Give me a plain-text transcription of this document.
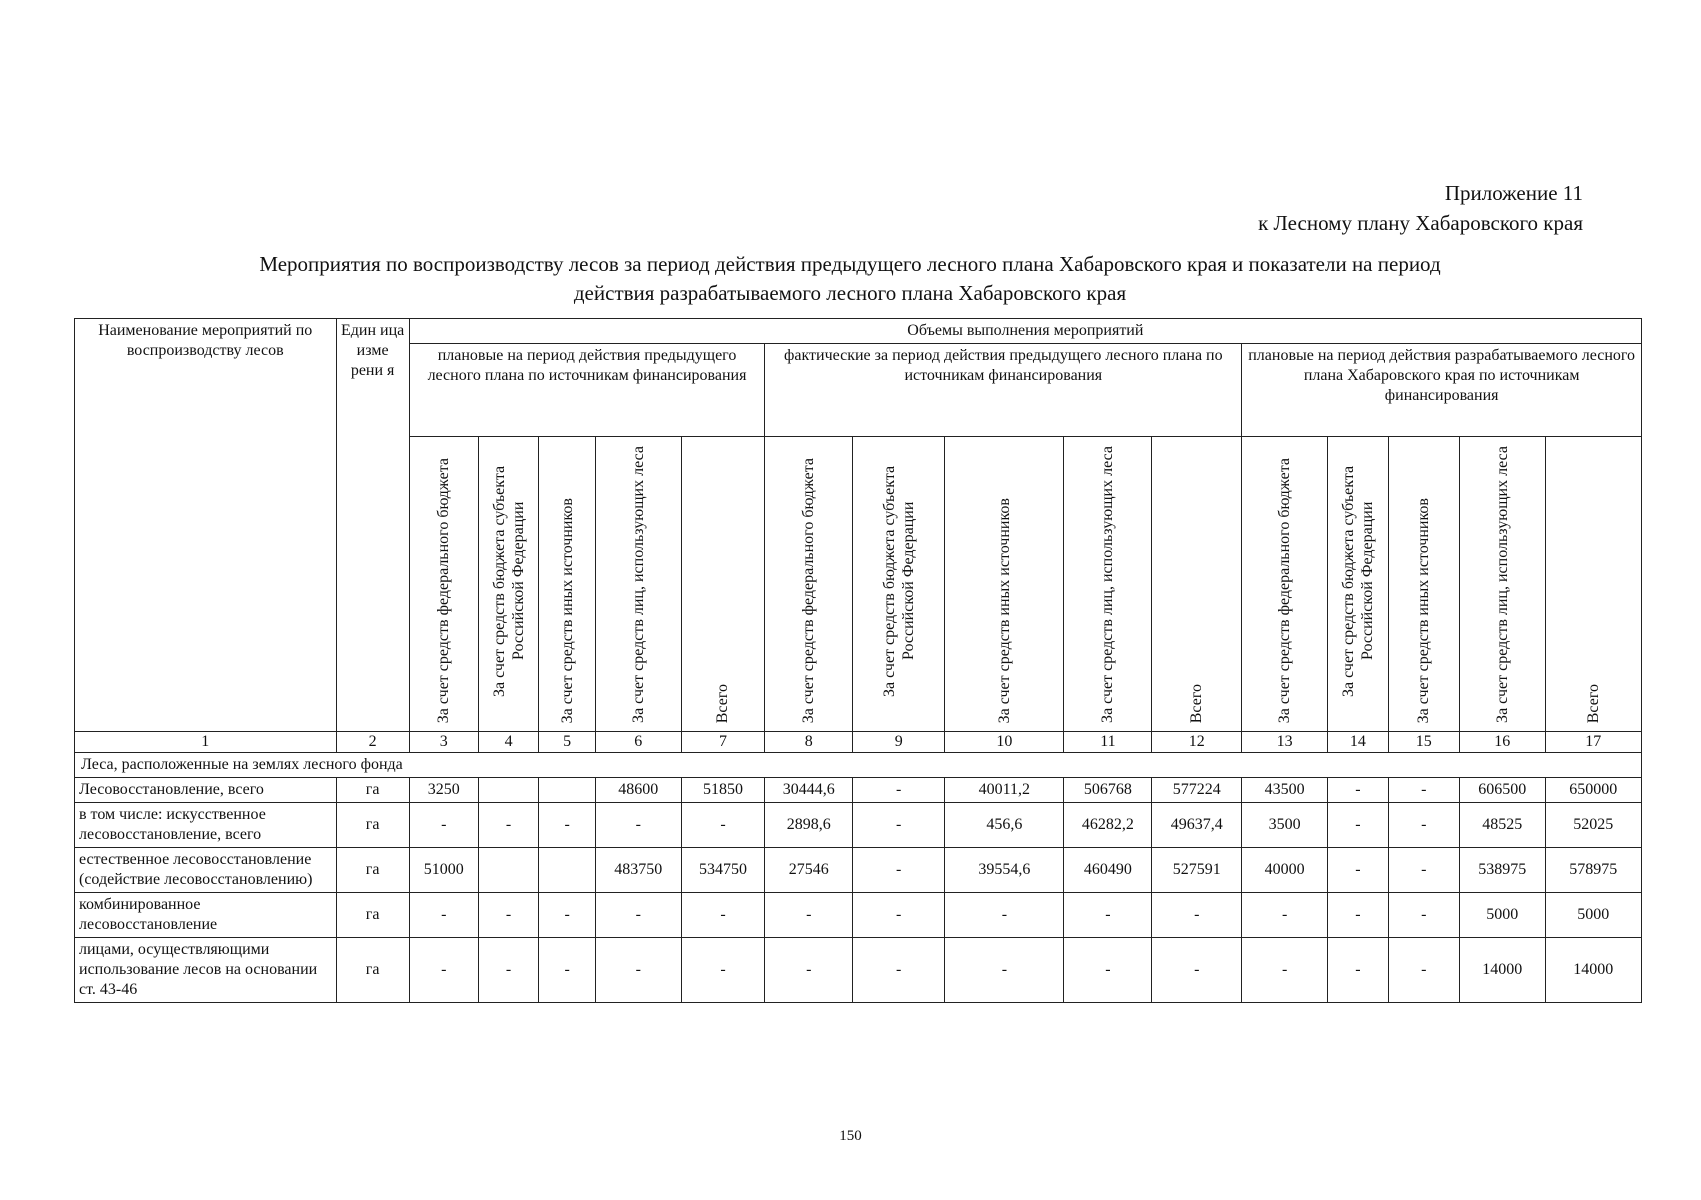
Приложение 11
к Лесному плану Хабаровского края
Мероприятия по воспроизводству лесов за период действия предыдущего лесного плана Хабаровского края и показатели на период
действия разрабатываемого лесного плана Хабаровского края
Наименование мероприятий по воспроизводству лесов	Един ица изме рени я	Объемы выполнения мероприятий														
		плановые на период действия предыдущего лесного плана по источникам финансирования					фактические за период действия предыдущего лесного плана по источникам финансирования					плановые на период действия разрабатываемого лесного плана Хабаровского края по источникам финансирования				
		За счет средств федерального бюджета	За счет средств бюджета субъекта Российской Федерации	За счет средств иных источников	За счет средств лиц, использующих леса	Всего	За счет средств федерального бюджета	За счет средств бюджета субъекта Российской Федерации	За счет средств иных источников	За счет средств лиц, использующих леса	Всего	За счет средств федерального бюджета	За счет средств бюджета субъекта Российской Федерации	За счет средств иных источников	За счет средств лиц, использующих леса	Всего
1	2	3	4	5	6	7	8	9	10	11	12	13	14	15	16	17
Леса, расположенные на землях лесного фонда																
Лесовосстановление, всего	га	3250			48600	51850	30444,6	-	40011,2	506768	577224	43500	-	-	606500	650000
в том числе: искусственное лесовосстановление, всего	га	-	-	-	-	-	2898,6	-	456,6	46282,2	49637,4	3500	-	-	48525	52025
естественное лесовосстановление (содействие лесовосстановлению)	га	51000			483750	534750	27546	-	39554,6	460490	527591	40000	-	-	538975	578975
комбинированное лесовосстановление	га	-	-	-	-	-	-	-	-	-	-	-	-	-	5000	5000
лицами, осуществляющими использование лесов на основании ст. 43-46	га	-	-	-	-	-	-	-	-	-	-	-	-	-	14000	14000
150
